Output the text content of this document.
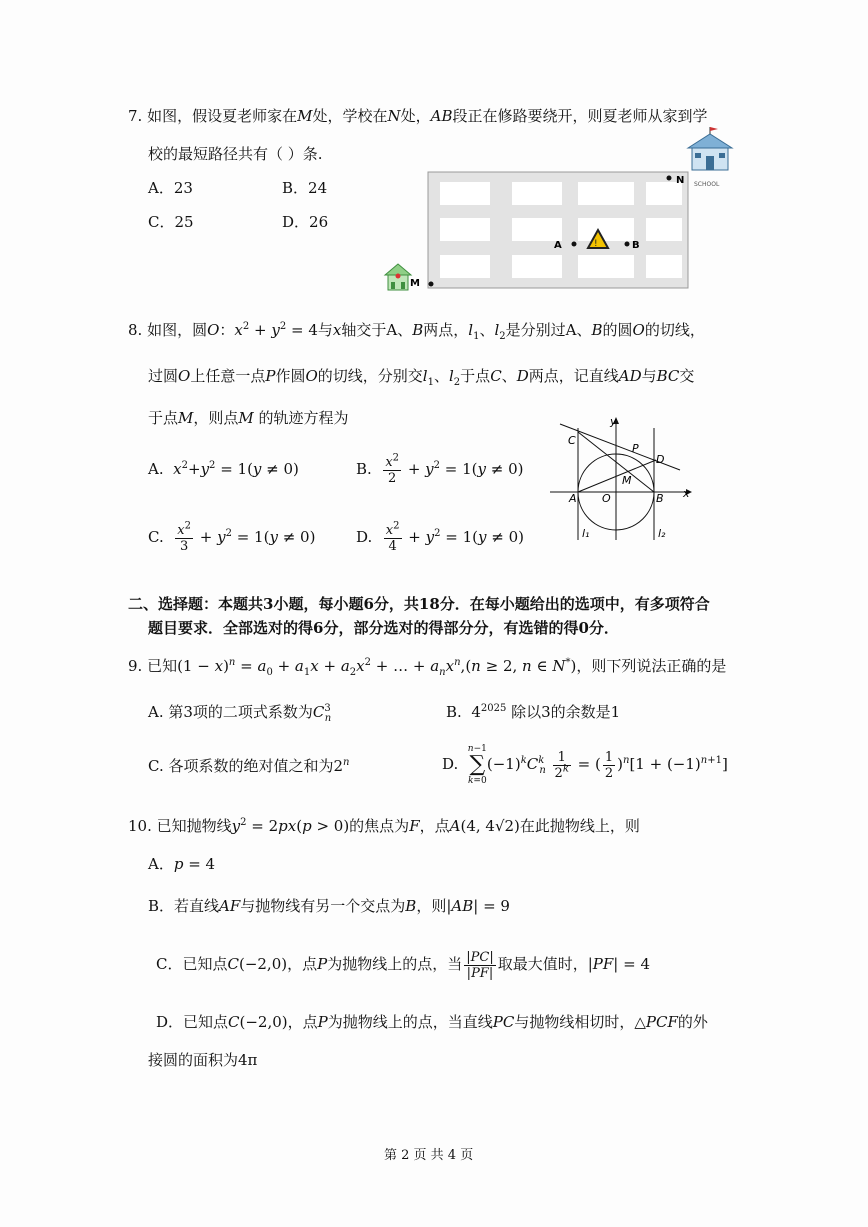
7. 如图，假设夏老师家在M处，学校在N处，AB段正在修路要绕开，则夏老师从家到学
校的最短路径共有（ ）条.
A．23	B．24
C．25	D．26
SCHOOL
!
N
A	B
M
8. 如图，圆O：$x^2 + y^2 = 4$与x轴交于A、B两点，$l_1$、$l_2$是分别过A、B的圆O的切线，
过圆O上任意一点P作圆O的切线，分别交$l_1$、$l_2$于点C、D两点，记直线AD与BC交
于点M，则点M 的轨迹方程为
A.  $x^2+y^2 = 1(y \ne 0)$	B. $\frac{x^2}{2} + y^2 = 1(y \ne 0)$
C. $\frac{x^2}{3} + y^2 = 1(y \ne 0)$	D. $\frac{x^2}{4} + y^2 = 1(y \ne 0)$
y
x
C
P
D
M
A O	B
l₁	l₂
二、选择题：本题共3小题，每小题6分，共18分．在每小题给出的选项中，有多项符合
题目要求．全部选对的得6分，部分选对的得部分分，有选错的得0分．
9. 已知$(1 - x)^n = a_0 + a_1x + a_2x^2$ + … + $a_nx^n,(n \ge 2$, n ∈ N*)，则下列说法正确的是
A. 第3项的二项式系数为$C^3_n$	B.  $4^{2025}$ 除以3的余数是1
C. 各项系数的绝对值之和为2$^n$	D.  n−1
∑
$k=0(-1)^kC^k_n \frac{1}{2^k}$ = ( $\frac{1}{2} )^n[1 + (-1)^{n+1}]$
10. 已知抛物线$y^2 = 2px(p > 0)$的焦点为F，点A(4, 4√2)在此抛物线上，则
A．p = 4
B．若直线AF与抛物线有另一个交点为B，则|AB| = 9
C．已知点C(−2,0)，点P为抛物线上的点，当 $\frac{|PC|}{|PF|}$ 取最大值时，|PF| = 4
D．已知点C(−2,0)，点P为抛物线上的点，当直线PC与抛物线相切时，△PCF的外
接圆的面积为4π
第 2 页 共 4 页
